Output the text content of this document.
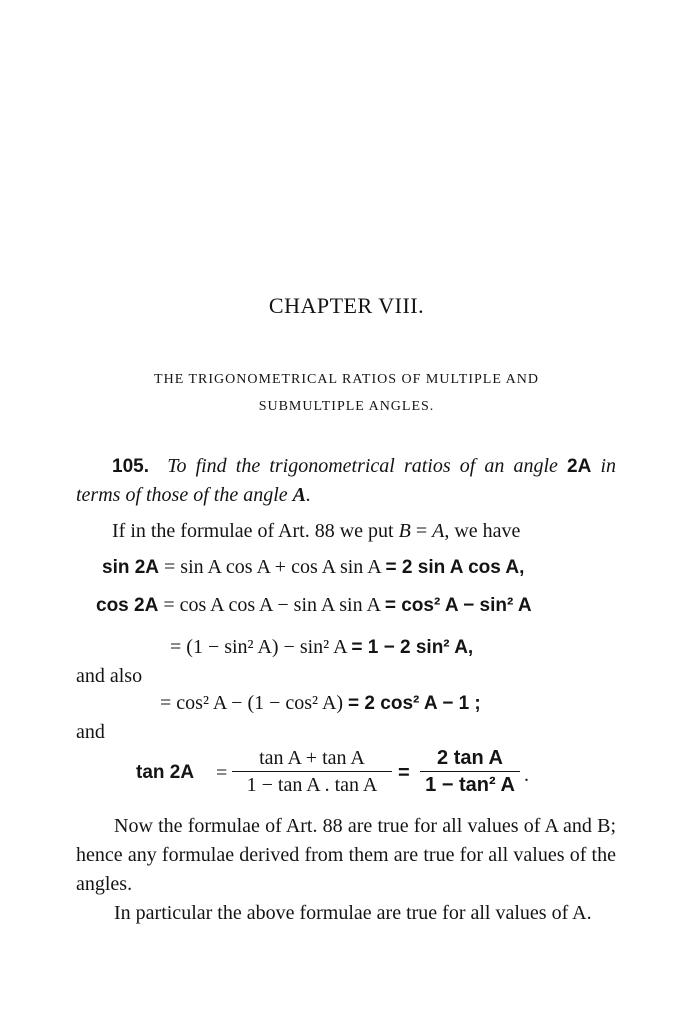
CHAPTER VIII.
THE TRIGONOMETRICAL RATIOS OF MULTIPLE AND
SUBMULTIPLE ANGLES.
105. To find the trigonometrical ratios of an angle 2A in terms of those of the angle A.
If in the formulae of Art. 88 we put B = A, we have
sin 2A = sin A cos A + cos A sin A = 2 sin A cos A,
cos 2A = cos A cos A − sin A sin A = cos² A − sin² A
= (1 − sin² A) − sin² A = 1 − 2 sin² A,
and also
= cos² A − (1 − cos² A) = 2 cos² A − 1 ;
and
tan 2A =
tan A + tan A
1 − tan A . tan A
=
2 tan A
1 − tan² A .
Now the formulae of Art. 88 are true for all values of A and B; hence any formulae derived from them are true for all values of the angles.
In particular the above formulae are true for all values of A.
